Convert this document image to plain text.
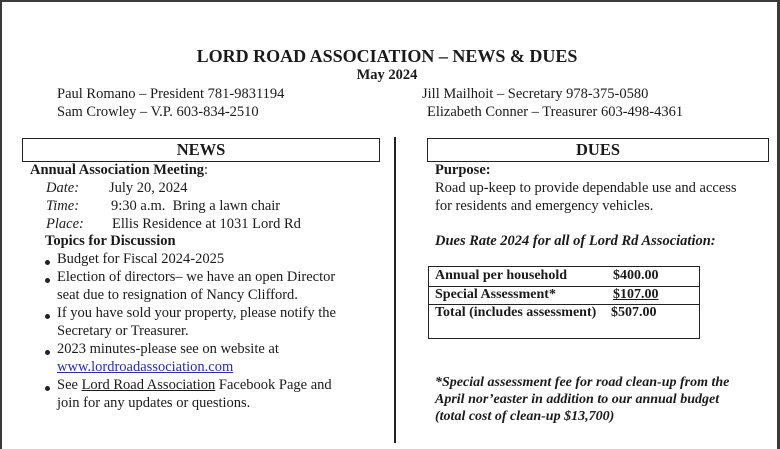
LORD ROAD ASSOCIATION – NEWS & DUES
May 2024
Paul Romano – President 781-9831194
Sam Crowley – V.P. 603-834-2510
Jill Mailhoit – Secretary 978-375-0580
Elizabeth Conner – Treasurer 603-498-4361
NEWS
Annual Association Meeting:
Date: July 20, 2024
Time: 9:30 a.m.  Bring a lawn chair
Place: Ellis Residence at 1031 Lord Rd
Topics for Discussion
Budget for Fiscal 2024-2025
Election of directors– we have an open Director
seat due to resignation of Nancy Clifford.
If you have sold your property, please notify the
Secretary or Treasurer.
2023 minutes-please see on website at
www.lordroadassociation.com
See Lord Road Association Facebook Page and
join for any updates or questions.
DUES
Purpose:
Road up-keep to provide dependable use and access
for residents and emergency vehicles.
Dues Rate 2024 for all of Lord Rd Association:
Annual per household	$400.00
Special Assessment*	$107.00
Total (includes assessment) $507.00
*Special assessment fee for road clean-up from the
April nor’easter in addition to our annual budget
(total cost of clean-up $13,700)
